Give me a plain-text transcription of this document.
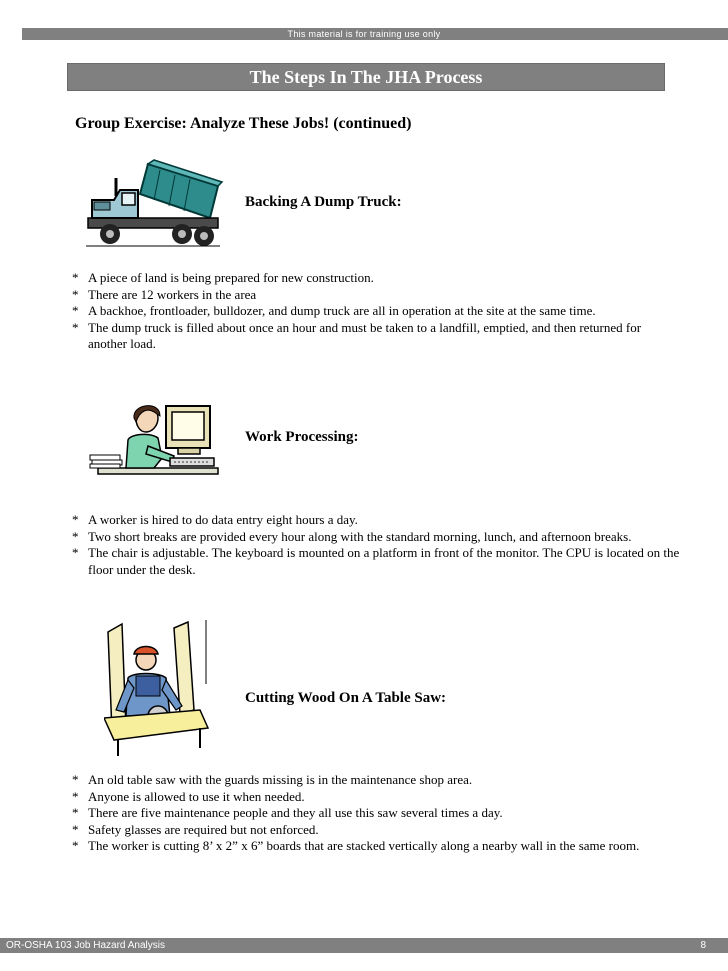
This material is for training use only
The Steps In The JHA Process
Group Exercise: Analyze These Jobs! (continued)
Backing A Dump Truck:
* A piece of land is being prepared for new construction.
* There are 12 workers in the area
* A backhoe, frontloader, bulldozer, and dump truck are all in operation at the site at the same time.
* The dump truck is filled about once an hour and must be taken to a landfill, emptied, and then returned for another load.
Work Processing:
* A worker is hired to do data entry eight hours a day.
* Two short breaks are provided every hour along with the standard morning, lunch, and afternoon breaks.
* The chair is adjustable. The keyboard is mounted on a platform in front of the monitor. The CPU is located on the floor under the desk.
Cutting Wood On A Table Saw:
* An old table saw with the guards missing is in the maintenance shop area.
* Anyone is allowed to use it when needed.
* There are five maintenance people and they all use this saw several times a day.
* Safety glasses are required but not enforced.
* The worker is cutting 8’ x 2” x 6” boards that are stacked vertically along a nearby wall in the same room.
OR-OSHA 103 Job Hazard Analysis	8
